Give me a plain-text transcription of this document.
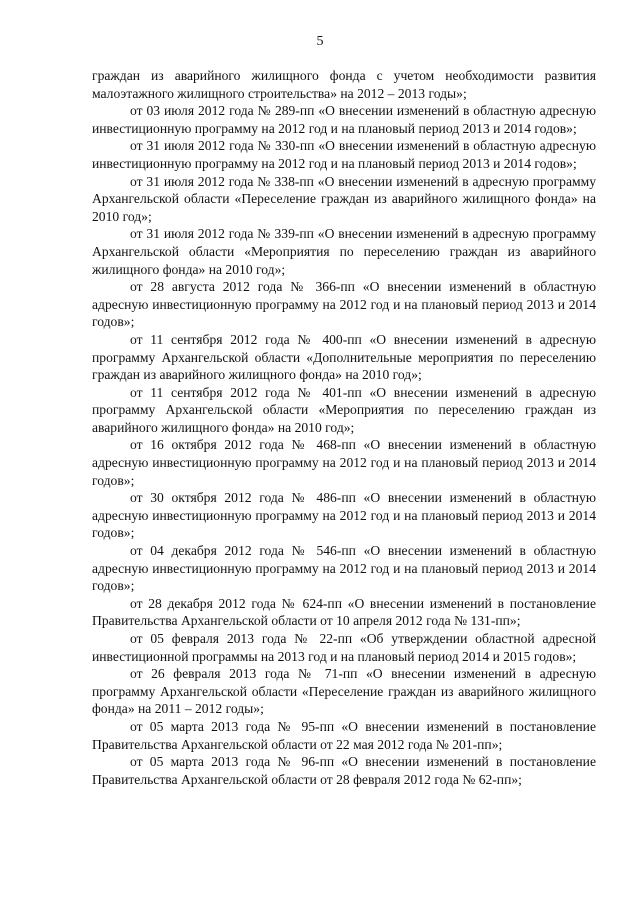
5

граждан из аварийного жилищного фонда с учетом необходимости развития малоэтажного жилищного строительства» на 2012 – 2013 годы»;

от 03 июля 2012 года № 289-пп «О внесении изменений в областную адресную инвестиционную программу на 2012 год и на плановый период 2013 и 2014 годов»;

от 31 июля 2012 года № 330-пп «О внесении изменений в областную адресную инвестиционную программу на 2012 год и на плановый период 2013 и 2014 годов»;

от 31 июля 2012 года № 338-пп «О внесении изменений в адресную программу Архангельской области «Переселение граждан из аварийного жилищного фонда» на 2010 год»;

от 31 июля 2012 года № 339-пп «О внесении изменений в адресную программу Архангельской области «Мероприятия по переселению граждан из аварийного жилищного фонда» на 2010 год»;

от 28 августа 2012 года № 366-пп «О внесении изменений в областную адресную инвестиционную программу на 2012 год и на плановый период 2013 и 2014 годов»;

от 11 сентября 2012 года № 400-пп «О внесении изменений в адресную программу Архангельской области «Дополнительные мероприятия по переселению граждан из аварийного жилищного фонда» на 2010 год»;

от 11 сентября 2012 года № 401-пп «О внесении изменений в адресную программу Архангельской области «Мероприятия по переселению граждан из аварийного жилищного фонда» на 2010 год»;

от 16 октября 2012 года № 468-пп «О внесении изменений в областную адресную инвестиционную программу на 2012 год и на плановый период 2013 и 2014 годов»;

от 30 октября 2012 года № 486-пп «О внесении изменений в областную адресную инвестиционную программу на 2012 год и на плановый период 2013 и 2014 годов»;

от 04 декабря 2012 года № 546-пп «О внесении изменений в областную адресную инвестиционную программу на 2012 год и на плановый период 2013 и 2014 годов»;

от 28 декабря 2012 года № 624-пп «О внесении изменений в постановление Правительства Архангельской области от 10 апреля 2012 года № 131-пп»;

от 05 февраля 2013 года № 22-пп «Об утверждении областной адресной инвестиционной программы на 2013 год и на плановый период 2014 и 2015 годов»;

от 26 февраля 2013 года № 71-пп «О внесении изменений в адресную программу Архангельской области «Переселение граждан из аварийного жилищного фонда» на 2011 – 2012 годы»;

от 05 марта 2013 года № 95-пп «О внесении изменений в постановление Правительства Архангельской области от 22 мая 2012 года № 201-пп»;

от 05 марта 2013 года № 96-пп «О внесении изменений в постановление Правительства Архангельской области от 28 февраля 2012 года № 62-пп»;
